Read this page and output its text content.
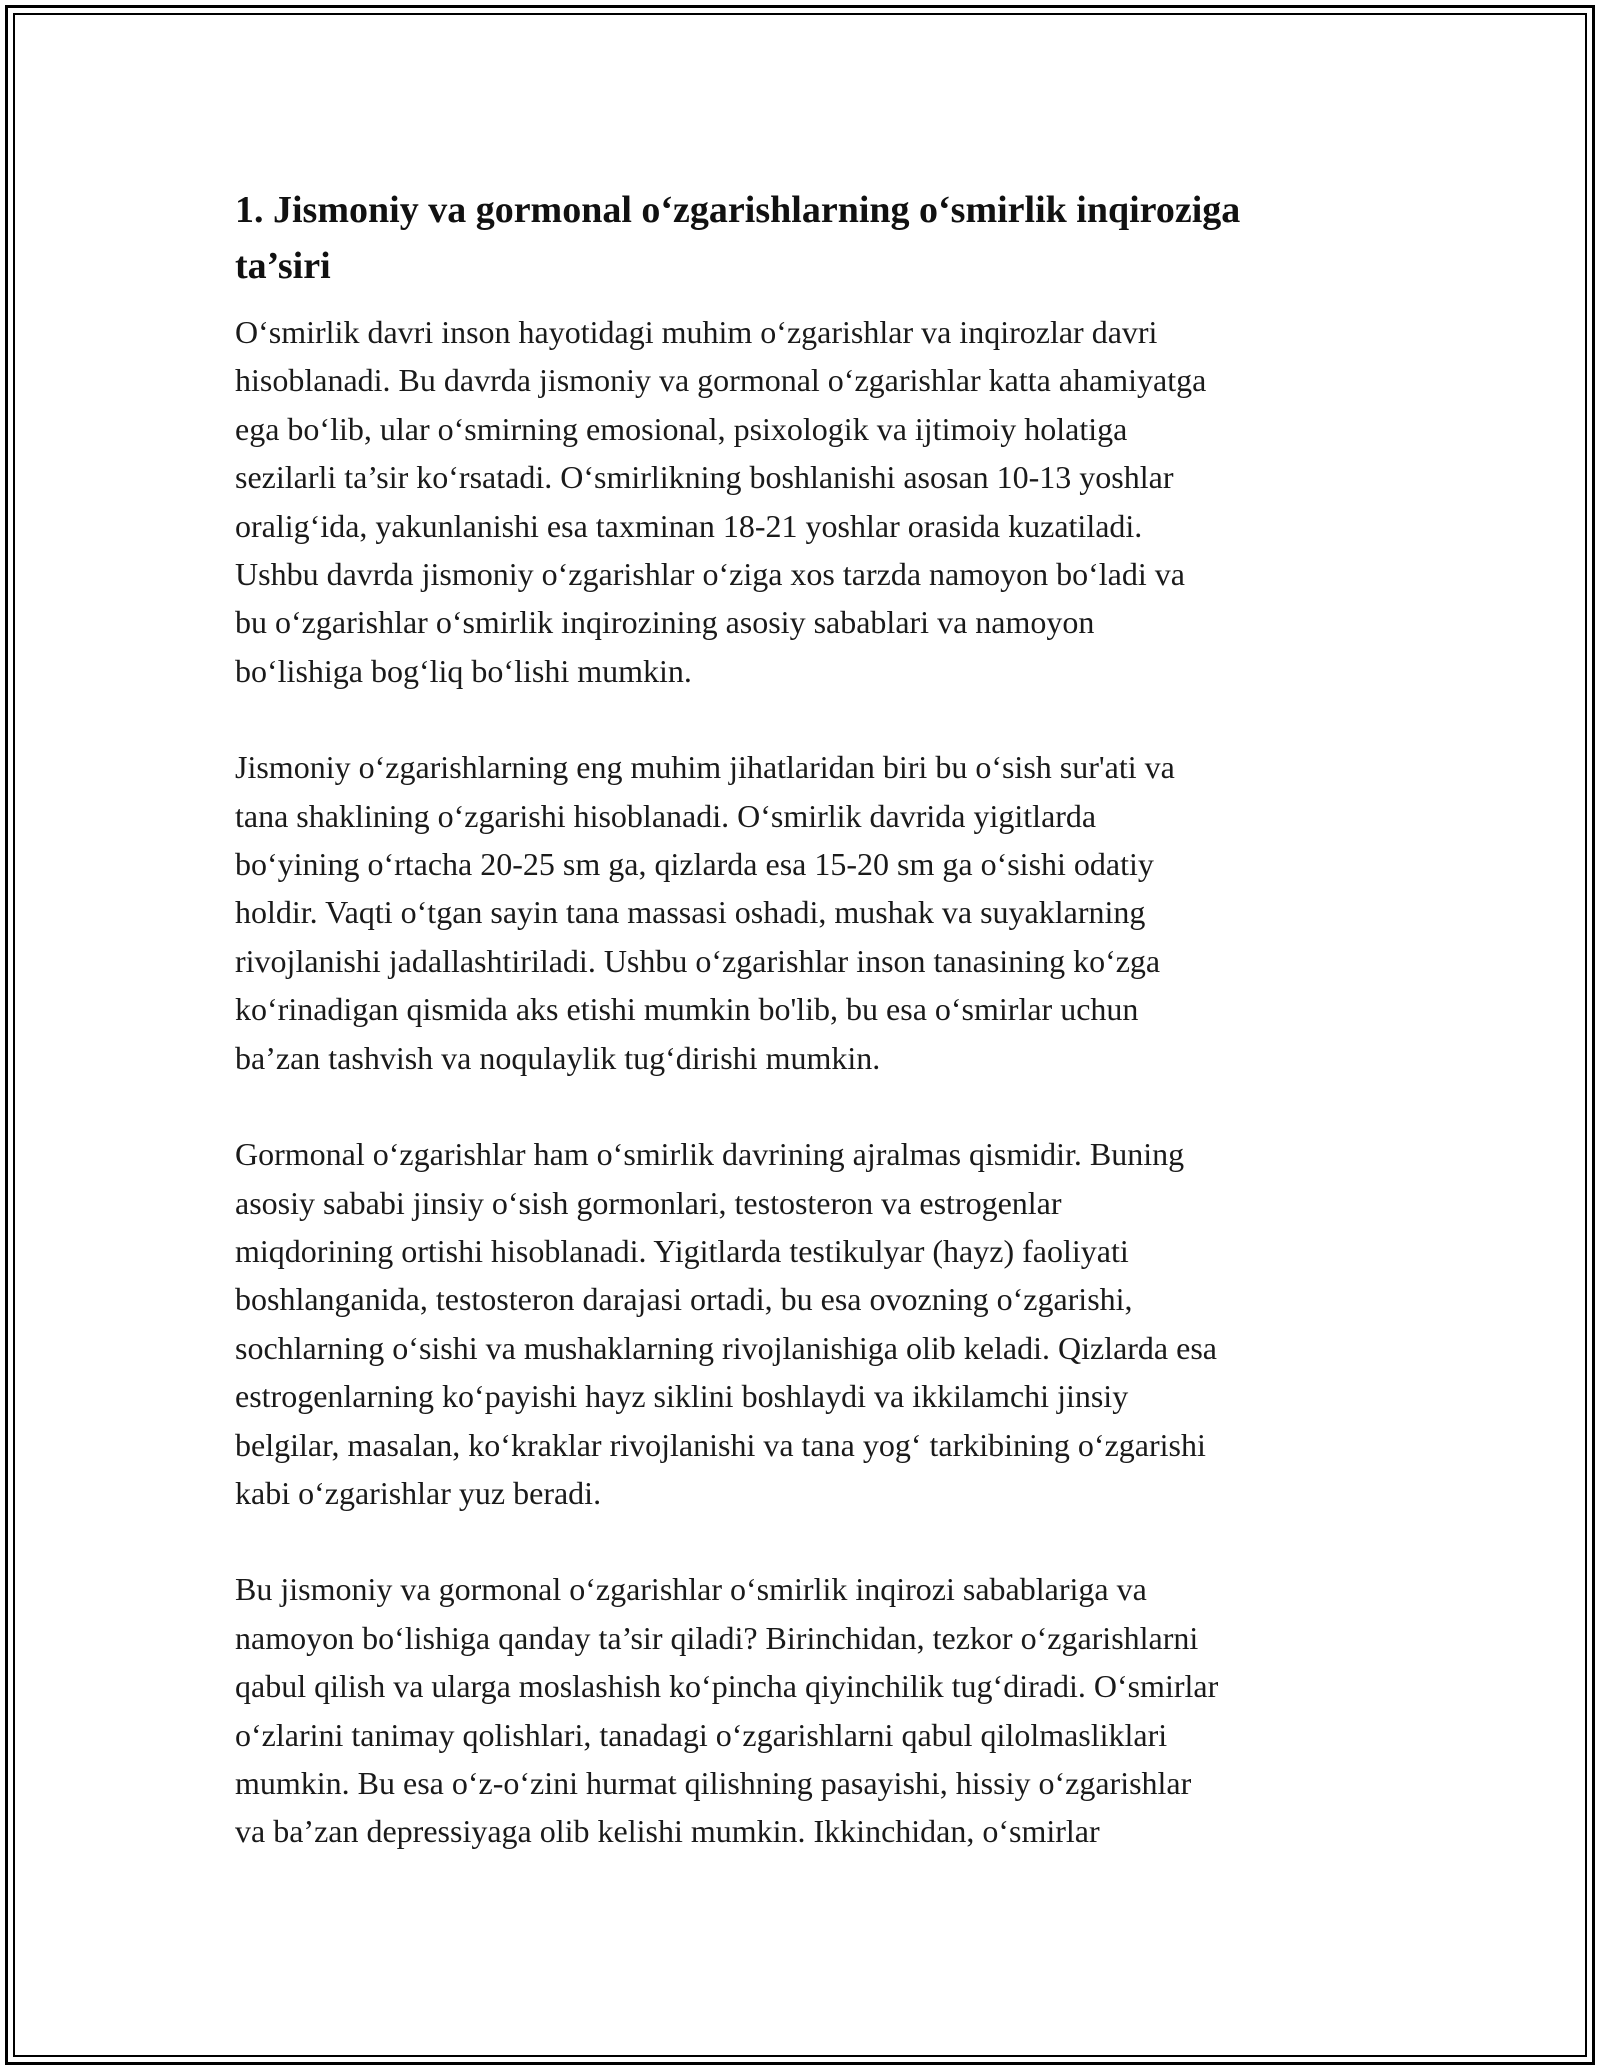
1. Jismoniy va gormonal o‘zgarishlarning o‘smirlik inqiroziga
ta’siri
O‘smirlik davri inson hayotidagi muhim o‘zgarishlar va inqirozlar davri
hisoblanadi. Bu davrda jismoniy va gormonal o‘zgarishlar katta ahamiyatga
ega bo‘lib, ular o‘smirning emosional, psixologik va ijtimoiy holatiga
sezilarli ta’sir ko‘rsatadi. O‘smirlikning boshlanishi asosan 10-13 yoshlar
oralig‘ida, yakunlanishi esa taxminan 18-21 yoshlar orasida kuzatiladi.
Ushbu davrda jismoniy o‘zgarishlar o‘ziga xos tarzda namoyon bo‘ladi va
bu o‘zgarishlar o‘smirlik inqirozining asosiy sabablari va namoyon
bo‘lishiga bog‘liq bo‘lishi mumkin.
Jismoniy o‘zgarishlarning eng muhim jihatlaridan biri bu o‘sish sur'ati va
tana shaklining o‘zgarishi hisoblanadi. O‘smirlik davrida yigitlarda
bo‘yining o‘rtacha 20-25 sm ga, qizlarda esa 15-20 sm ga o‘sishi odatiy
holdir. Vaqti o‘tgan sayin tana massasi oshadi, mushak va suyaklarning
rivojlanishi jadallashtiriladi. Ushbu o‘zgarishlar inson tanasining ko‘zga
ko‘rinadigan qismida aks etishi mumkin bo'lib, bu esa o‘smirlar uchun
ba’zan tashvish va noqulaylik tug‘dirishi mumkin.
Gormonal o‘zgarishlar ham o‘smirlik davrining ajralmas qismidir. Buning
asosiy sababi jinsiy o‘sish gormonlari, testosteron va estrogenlar
miqdorining ortishi hisoblanadi. Yigitlarda testikulyar (hayz) faoliyati
boshlanganida, testosteron darajasi ortadi, bu esa ovozning o‘zgarishi,
sochlarning o‘sishi va mushaklarning rivojlanishiga olib keladi. Qizlarda esa
estrogenlarning ko‘payishi hayz siklini boshlaydi va ikkilamchi jinsiy
belgilar, masalan, ko‘kraklar rivojlanishi va tana yog‘ tarkibining o‘zgarishi
kabi o‘zgarishlar yuz beradi.
Bu jismoniy va gormonal o‘zgarishlar o‘smirlik inqirozi sabablariga va
namoyon bo‘lishiga qanday ta’sir qiladi? Birinchidan, tezkor o‘zgarishlarni
qabul qilish va ularga moslashish ko‘pincha qiyinchilik tug‘diradi. O‘smirlar
o‘zlarini tanimay qolishlari, tanadagi o‘zgarishlarni qabul qilolmasliklari
mumkin. Bu esa o‘z-o‘zini hurmat qilishning pasayishi, hissiy o‘zgarishlar
va ba’zan depressiyaga olib kelishi mumkin. Ikkinchidan, o‘smirlar
